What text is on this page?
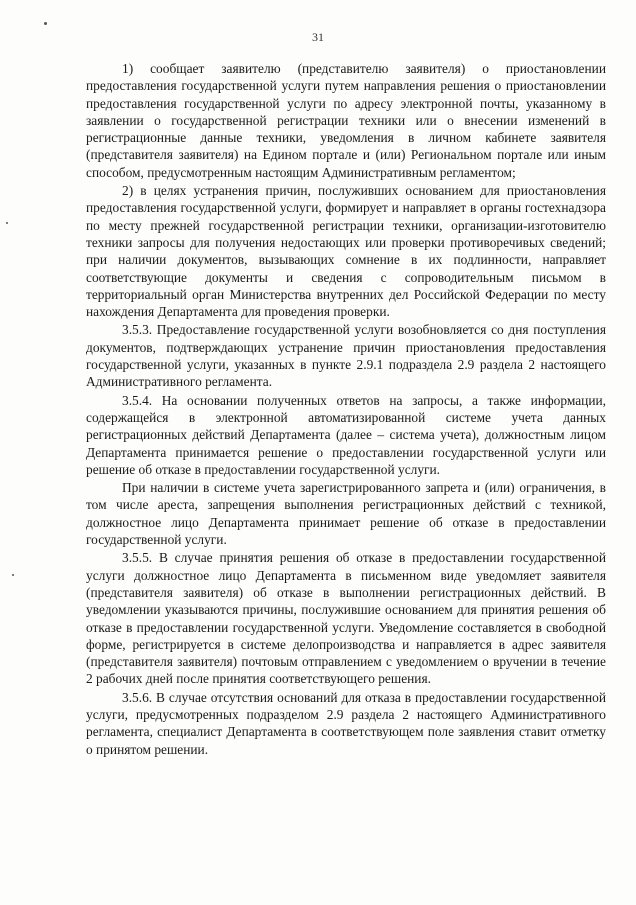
31

1) сообщает заявителю (представителю заявителя) о приостановлении предоставления государственной услуги путем направления решения о приостановлении предоставления государственной услуги по адресу электронной почты, указанному в заявлении о государственной регистрации техники или о внесении изменений в регистрационные данные техники, уведомления в личном кабинете заявителя (представителя заявителя) на Едином портале и (или) Региональном портале или иным способом, предусмотренным настоящим Административным регламентом;

2) в целях устранения причин, послуживших основанием для приостановления предоставления государственной услуги, формирует и направляет в органы гостехнадзора по месту прежней государственной регистрации техники, организации-изготовителю техники запросы для получения недостающих или проверки противоречивых сведений; при наличии документов, вызывающих сомнение в их подлинности, направляет соответствующие документы и сведения с сопроводительным письмом в территориальный орган Министерства внутренних дел Российской Федерации по месту нахождения Департамента для проведения проверки.

3.5.3. Предоставление государственной услуги возобновляется со дня поступления документов, подтверждающих устранение причин приостановления предоставления государственной услуги, указанных в пункте 2.9.1 подраздела 2.9 раздела 2 настоящего Административного регламента.

3.5.4. На основании полученных ответов на запросы, а также информации, содержащейся в электронной автоматизированной системе учета данных регистрационных действий Департамента (далее – система учета), должностным лицом Департамента принимается решение о предоставлении государственной услуги или решение об отказе в предоставлении государственной услуги.

При наличии в системе учета зарегистрированного запрета и (или) ограничения, в том числе ареста, запрещения выполнения регистрационных действий с техникой, должностное лицо Департамента принимает решение об отказе в предоставлении государственной услуги.

3.5.5. В случае принятия решения об отказе в предоставлении государственной услуги должностное лицо Департамента в письменном виде уведомляет заявителя (представителя заявителя) об отказе в выполнении регистрационных действий. В уведомлении указываются причины, послужившие основанием для принятия решения об отказе в предоставлении государственной услуги. Уведомление составляется в свободной форме, регистрируется в системе делопроизводства и направляется в адрес заявителя (представителя заявителя) почтовым отправлением с уведомлением о вручении в течение 2 рабочих дней после принятия соответствующего решения.

3.5.6. В случае отсутствия оснований для отказа в предоставлении государственной услуги, предусмотренных подразделом 2.9 раздела 2 настоящего Административного регламента, специалист Департамента в соответствующем поле заявления ставит отметку о принятом решении.
